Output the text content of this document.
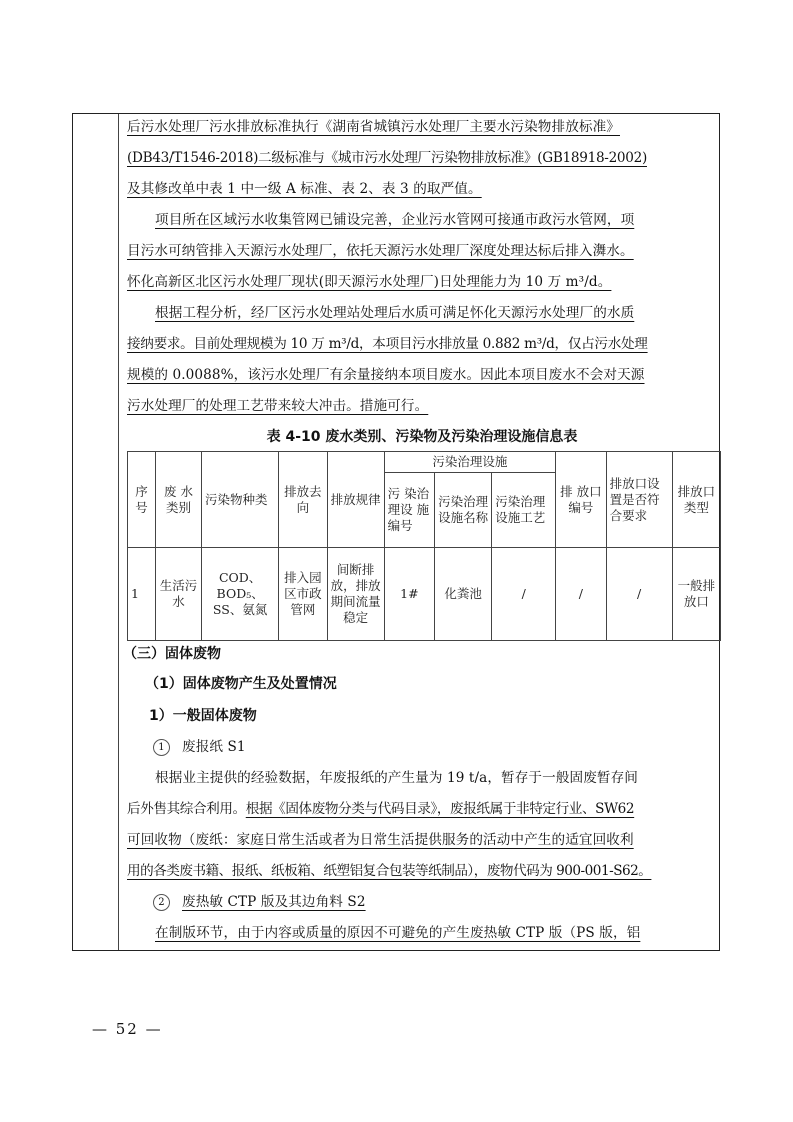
后污水处理厂污水排放标准执行《湖南省城镇污水处理厂主要水污染物排放标准》

(DB43/T1546-2018)二级标准与《城市污水处理厂污染物排放标准》(GB18918-2002)

及其修改单中表 1 中一级 A 标准、表 2、表 3 的取严值。

项目所在区域污水收集管网已铺设完善，企业污水管网可接通市政污水管网，项

目污水可纳管排入天源污水处理厂，依托天源污水处理厂深度处理达标后排入㵲水。

怀化高新区北区污水处理厂现状(即天源污水处理厂)日处理能力为 10 万 m³/d。

根据工程分析，经厂区污水处理站处理后水质可满足怀化天源污水处理厂的水质

接纳要求。目前处理规模为 10 万 m³/d，本项目污水排放量 0.882 m³/d，仅占污水处理

规模的 0.0088%，该污水处理厂有余量接纳本项目废水。因此本项目废水不会对天源

污水处理厂的处理工艺带来较大冲击。措施可行。

表 4-10 废水类别、污染物及污染治理设施信息表
序号	废 水类别	污染物种类	排放去向	排放规律	污染治理设施			排 放口 编号	排放口设置是否符合要求	排放口类型
					污 染治 理设 施编号	污染治理设施名称	污染治理设施工艺			
1	生活污水	COD、
BOD₅、
SS、氨氮	排入园区市政管网	间断排放，排放期间流量稳定	1#	化粪池	/	/	/	一般排放口

（三）固体废物

（1）固体废物产生及处置情况

1）一般固体废物

1 废报纸 S1

根据业主提供的经验数据，年废报纸的产生量为 19 t/a，暂存于一般固废暂存间

后外售其综合利用。根据《固体废物分类与代码目录》，废报纸属于非特定行业、SW62

可回收物（废纸：家庭日常生活或者为日常生活提供服务的活动中产生的适宜回收利

用的各类废书籍、报纸、纸板箱、纸塑铝复合包装等纸制品），废物代码为 900-001-S62。

2 废热敏 CTP 版及其边角料 S2

在制版环节，由于内容或质量的原因不可避免的产生废热敏 CTP 版（PS 版，铝

— 52 —
